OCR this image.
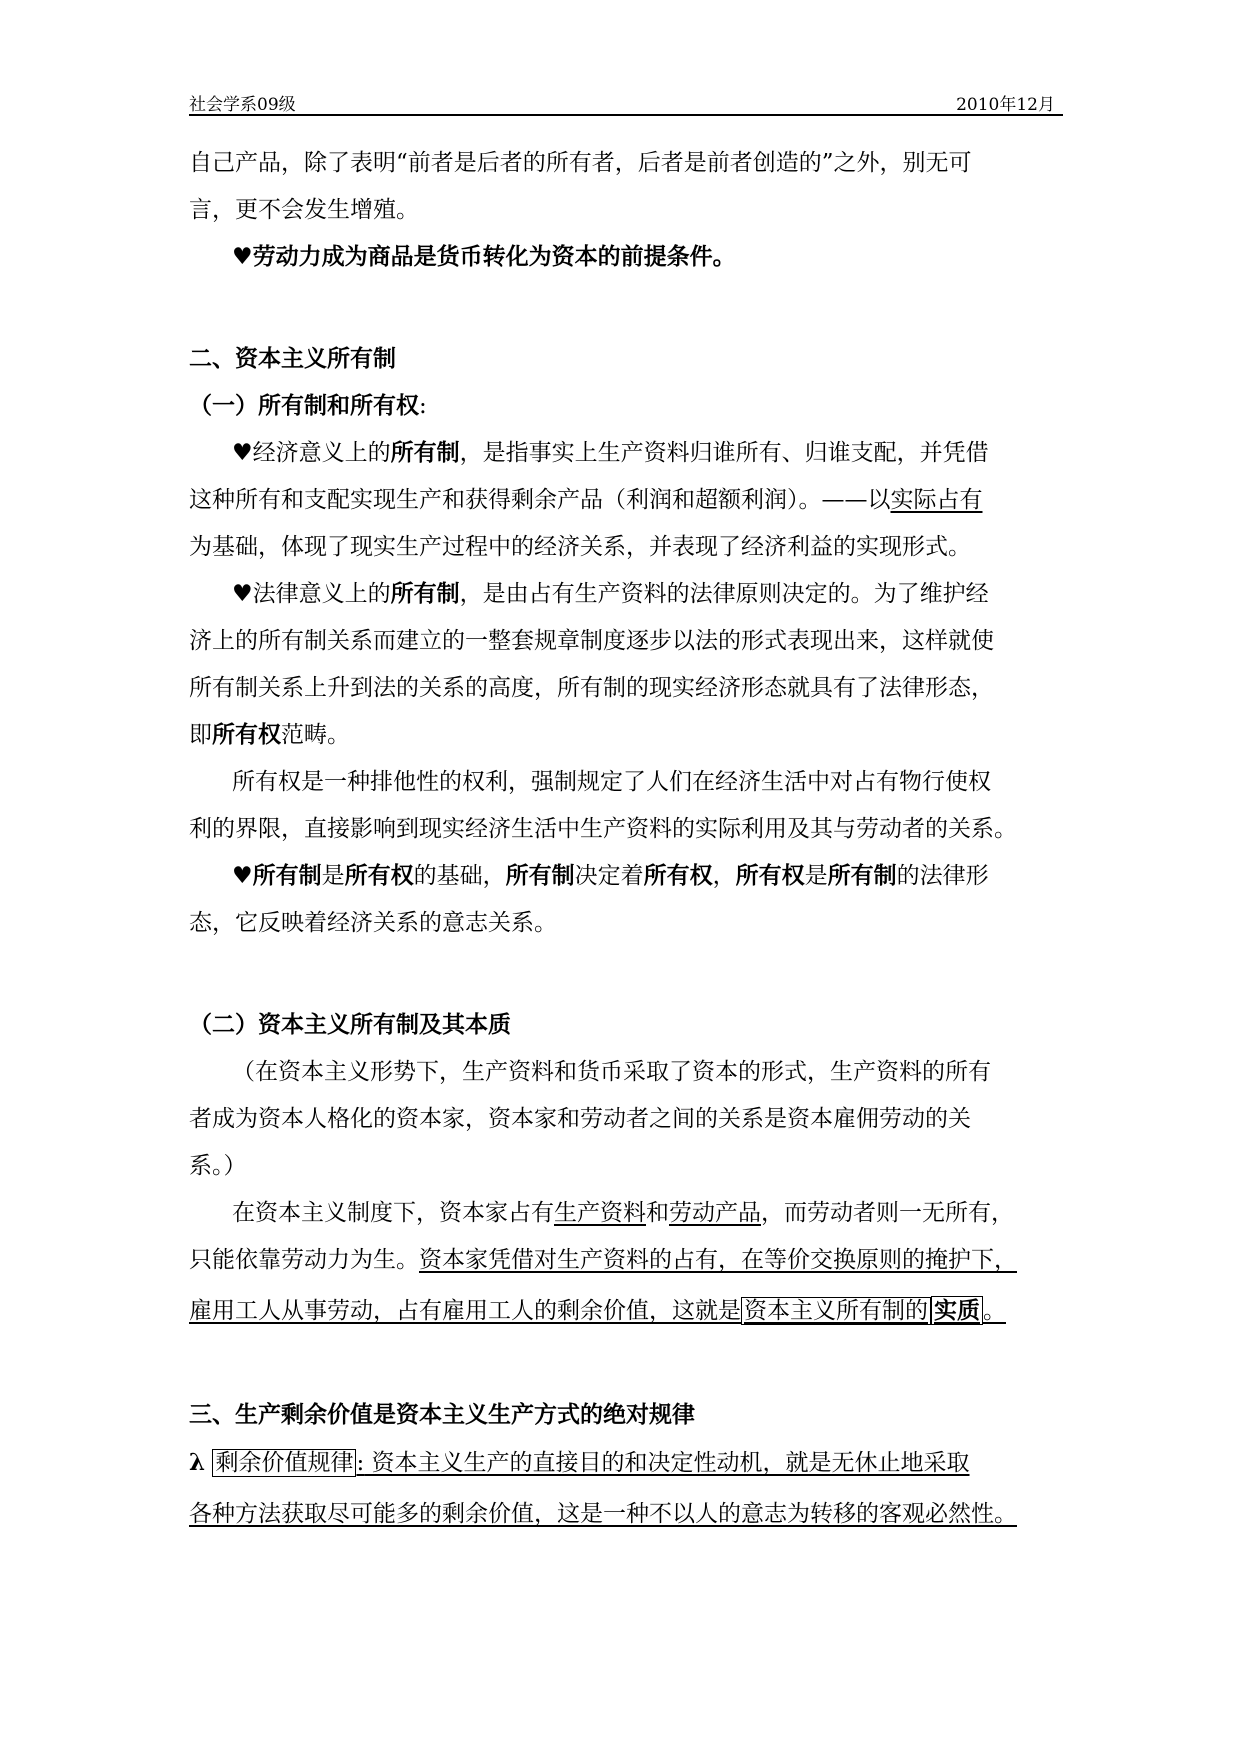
社会学系09级	2010年12月
自己产品，除了表明“前者是后者的所有者，后者是前者创造的”之外，别无可
言，更不会发生增殖。
♥劳动力成为商品是货币转化为资本的前提条件。
二、资本主义所有制
（一）所有制和所有权:
♥经济意义上的所有制，是指事实上生产资料归谁所有、归谁支配，并凭借
这种所有和支配实现生产和获得剩余产品（利润和超额利润）。——以实际占有
为基础，体现了现实生产过程中的经济关系，并表现了经济利益的实现形式。
♥法律意义上的所有制，是由占有生产资料的法律原则决定的。为了维护经
济上的所有制关系而建立的一整套规章制度逐步以法的形式表现出来，这样就使
所有制关系上升到法的关系的高度，所有制的现实经济形态就具有了法律形态，
即所有权范畴。
所有权是一种排他性的权利，强制规定了人们在经济生活中对占有物行使权
利的界限，直接影响到现实经济生活中生产资料的实际利用及其与劳动者的关系。
♥所有制是所有权的基础，所有制决定着所有权，所有权是所有制的法律形
态，它反映着经济关系的意志关系。
（二）资本主义所有制及其本质
（在资本主义形势下，生产资料和货币采取了资本的形式，生产资料的所有
者成为资本人格化的资本家，资本家和劳动者之间的关系是资本雇佣劳动的关
系。）
在资本主义制度下，资本家占有生产资料和劳动产品，而劳动者则一无所有，
只能依靠劳动力为生。资本家凭借对生产资料的占有，在等价交换原则的掩护下，
雇用工人从事劳动，占有雇用工人的剩余价值，这就是 资本主义所有制的 实质 。
三、生产剩余价值是资本主义生产方式的绝对规律
λ 剩余价值规律 : 资本主义生产的直接目的和决定性动机，就是无休止地采取
各种方法获取尽可能多的剩余价值，这是一种不以人的意志为转移的客观必然性。
